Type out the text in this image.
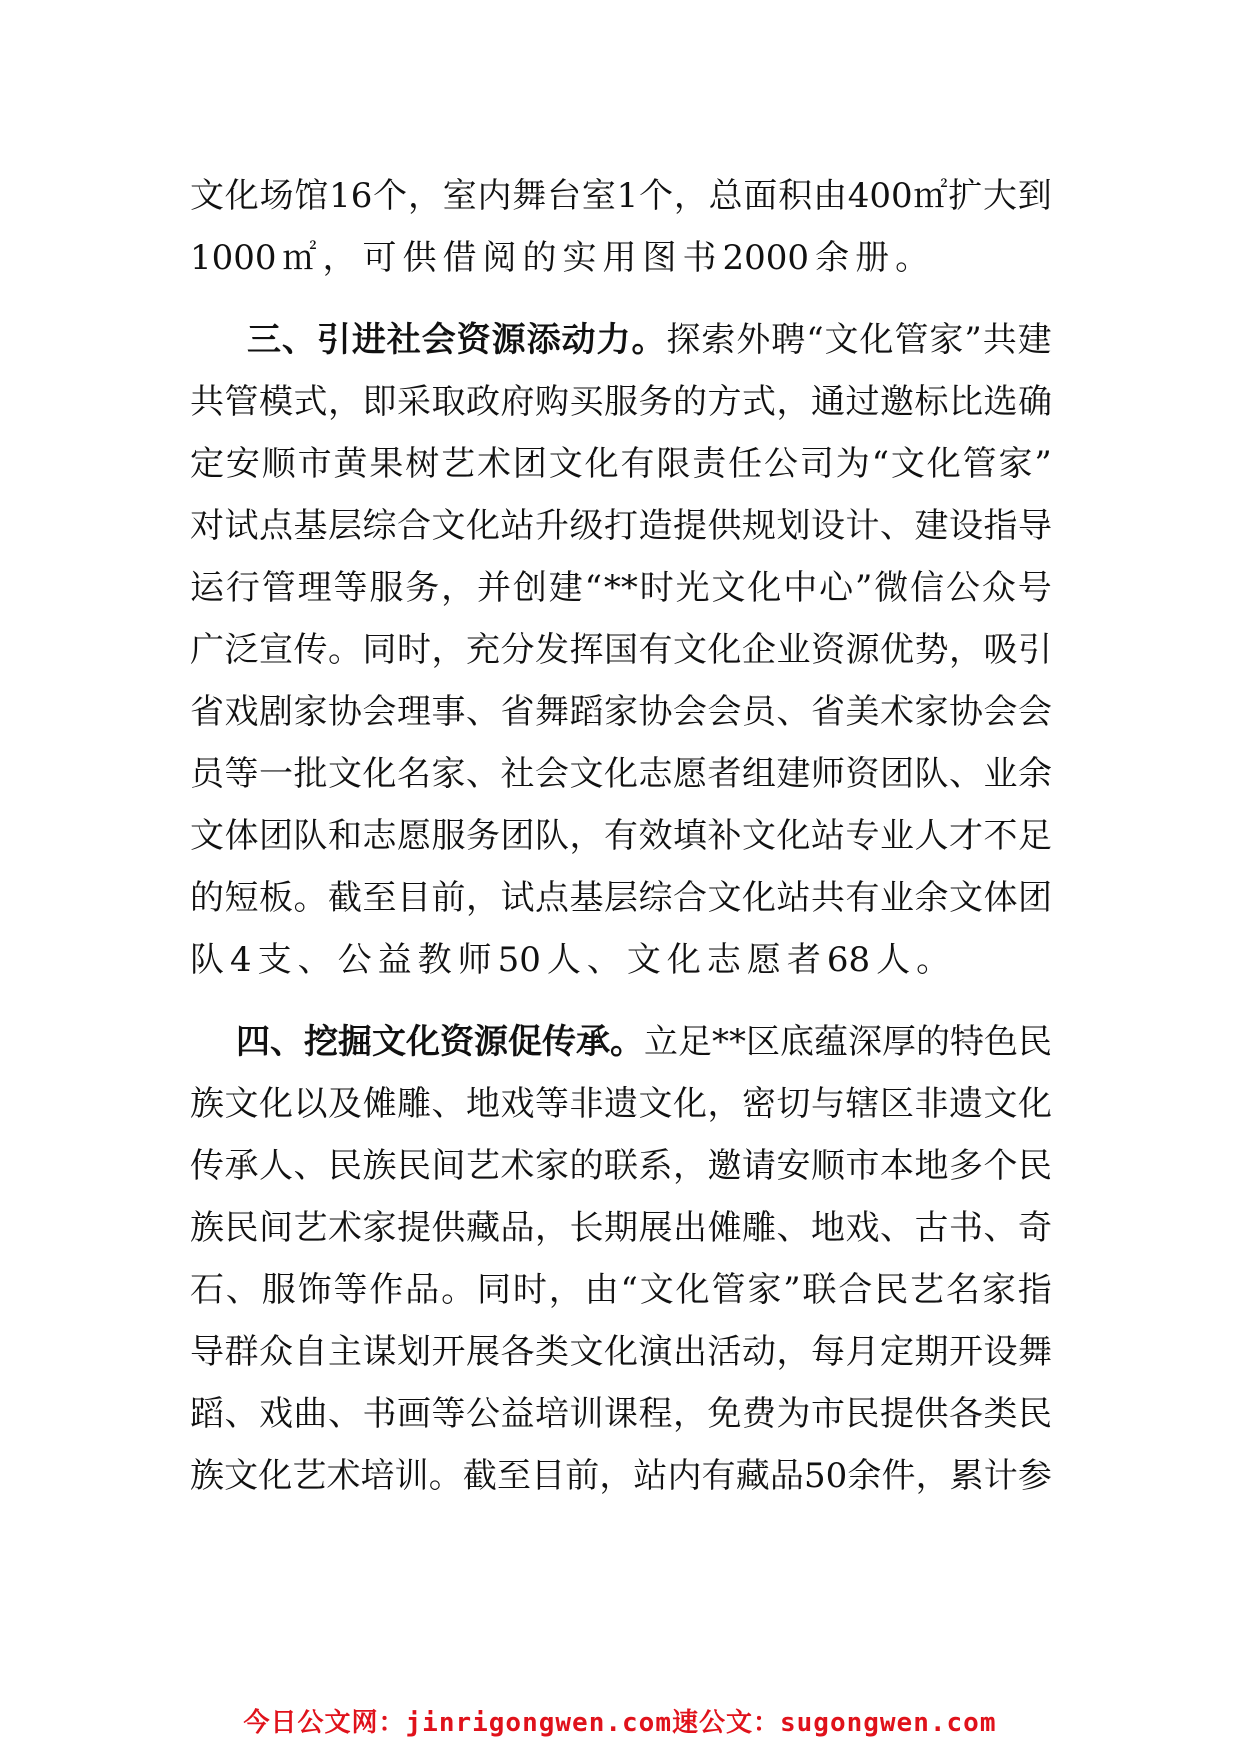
文 化 场 馆 16 个 ， 室 内 舞 台 室 1 个 ， 总 面 积 由 400 ㎡ 扩 大 到
1000 ㎡ ， 可 供 借 阅 的 实 用 图 书 2000 余 册 。
三 、 引 进 社 会 资 源 添 动 力 。 探 索 外 聘 “ 文 化 管 家 ” 共 建
共 管 模 式 ， 即 采 取 政 府 购 买 服 务 的 方 式 ， 通 过 邀 标 比 选 确
定 安 顺 市 黄 果 树 艺 术 团 文 化 有 限 责 任 公 司 为 “ 文 化 管 家 ”
对 试 点 基 层 综 合 文 化 站 升 级 打 造 提 供 规 划 设 计 、 建 设 指 导
运 行 管 理 等 服 务 ， 并 创 建 “ ** 时 光 文 化 中 心 ” 微 信 公 众 号
广 泛 宣 传 。 同 时 ， 充 分 发 挥 国 有 文 化 企 业 资 源 优 势 ， 吸 引
省 戏 剧 家 协 会 理 事 、 省 舞 蹈 家 协 会 会 员 、 省 美 术 家 协 会 会
员 等 一 批 文 化 名 家 、 社 会 文 化 志 愿 者 组 建 师 资 团 队 、 业 余
文 体 团 队 和 志 愿 服 务 团 队 ， 有 效 填 补 文 化 站 专 业 人 才 不 足
的 短 板 。 截 至 目 前 ， 试 点 基 层 综 合 文 化 站 共 有 业 余 文 体 团
队 4 支 、 公 益 教 师 50 人 、 文 化 志 愿 者 68 人 。
四 、 挖 掘 文 化 资 源 促 传 承 。 立 足 ** 区 底 蕴 深 厚 的 特 色 民
族 文 化 以 及 傩 雕 、 地 戏 等 非 遗 文 化 ， 密 切 与 辖 区 非 遗 文 化
传 承 人 、 民 族 民 间 艺 术 家 的 联 系 ， 邀 请 安 顺 市 本 地 多 个 民
族 民 间 艺 术 家 提 供 藏 品 ， 长 期 展 出 傩 雕 、 地 戏 、 古 书 、 奇
石 、 服 饰 等 作 品 。 同 时 ， 由 “ 文 化 管 家 ” 联 合 民 艺 名 家 指
导 群 众 自 主 谋 划 开 展 各 类 文 化 演 出 活 动 ， 每 月 定 期 开 设 舞
蹈 、 戏 曲 、 书 画 等 公 益 培 训 课 程 ， 免 费 为 市 民 提 供 各 类 民
族 文 化 艺 术 培 训 。 截 至 目 前 ， 站 内 有 藏 品 50 余 件 ， 累 计 参
今日公文网：jinrigongwen.com速公文：sugongwen.com
